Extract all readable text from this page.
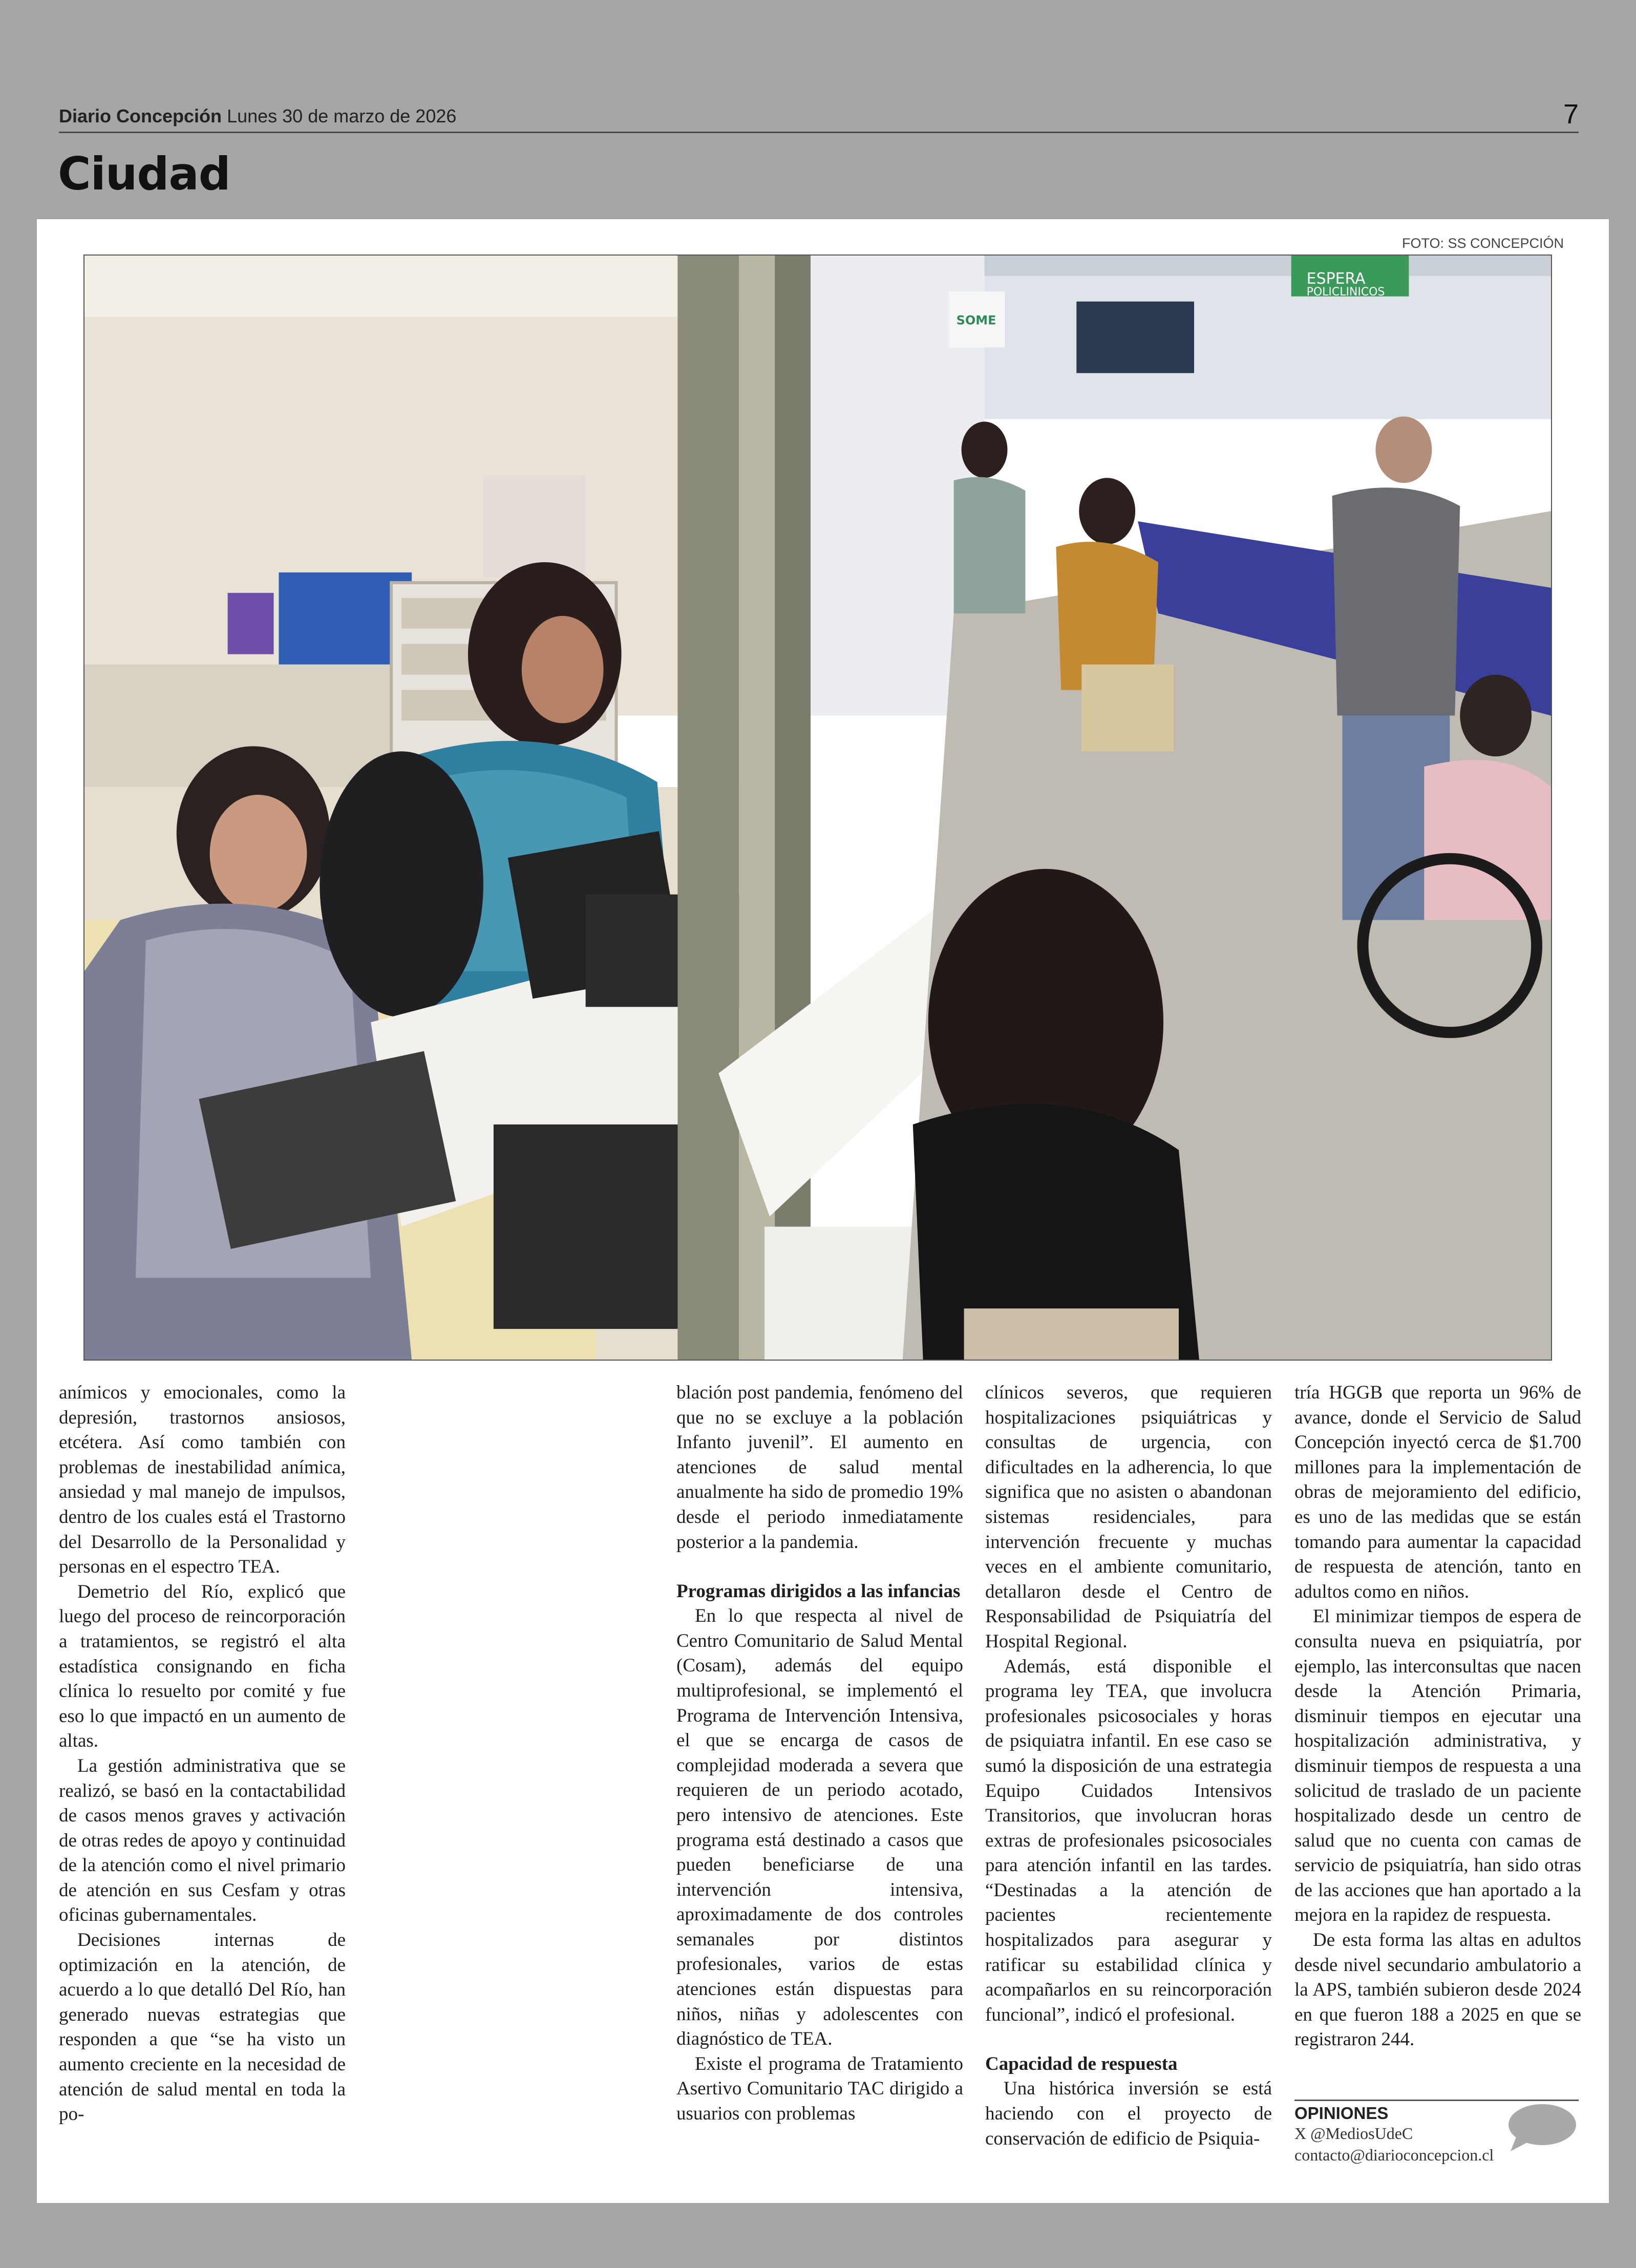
Diario Concepción Lunes 30 de marzo de 2026	7
Ciudad
FOTO: SS CONCEPCIÓN
ESPERA
POLICLINICOS
SOME

anímicos y emocionales, como la depresión, trastornos ansiosos, etcétera. Así como también con problemas de inestabilidad anímica, ansiedad y mal manejo de impulsos, dentro de los cuales está el Trastorno del Desarrollo de la Personalidad y personas en el espectro TEA.

Demetrio del Río, explicó que luego del proceso de reincorporación a tratamientos, se registró el alta estadística consignando en ficha clínica lo resuelto por comité y fue eso lo que impactó en un aumento de altas.

La gestión administrativa que se realizó, se basó en la contactabilidad de casos menos graves y activación de otras redes de apoyo y continuidad de la atención como el nivel primario de atención en sus Cesfam y otras oficinas gubernamentales.

Decisiones internas de optimización en la atención, de acuerdo a lo que detalló Del Río, han generado nuevas estrategias que responden a que “se ha visto un aumento creciente en la necesidad de atención de salud mental en toda la po-

blación post pandemia, fenómeno del que no se excluye a la población Infanto juvenil”. El aumento en atenciones de salud mental anualmente ha sido de promedio 19% desde el periodo inmediatamente posterior a la pandemia.

Programas dirigidos a las infancias

En lo que respecta al nivel de Centro Comunitario de Salud Mental (Cosam), además del equipo multiprofesional, se implementó el Programa de Intervención Intensiva, el que se encarga de casos de complejidad moderada a severa que requieren de un periodo acotado, pero intensivo de atenciones. Este programa está destinado a casos que pueden beneficiarse de una intervención intensiva, aproximadamente de dos controles semanales por distintos profesionales, varios de estas atenciones están dispuestas para niños, niñas y adolescentes con diagnóstico de TEA.

Existe el programa de Tratamiento Asertivo Comunitario TAC dirigido a usuarios con problemas

clínicos severos, que requieren hospitalizaciones psiquiátricas y consultas de urgencia, con dificultades en la adherencia, lo que significa que no asisten o abandonan sistemas residenciales, para intervención frecuente y muchas veces en el ambiente comunitario, detallaron desde el Centro de Responsabilidad de Psiquiatría del Hospital Regional.

Además, está disponible el programa ley TEA, que involucra profesionales psicosociales y horas de psiquiatra infantil. En ese caso se sumó la disposición de una estrategia Equipo Cuidados Intensivos Transitorios, que involucran horas extras de profesionales psicosociales para atención infantil en las tardes. “Destinadas a la atención de pacientes recientemente hospitalizados para asegurar y ratificar su estabilidad clínica y acompañarlos en su reincorporación funcional”, indicó el profesional.

Capacidad de respuesta

Una histórica inversión se está haciendo con el proyecto de conservación de edificio de Psiquia-

tría HGGB que reporta un 96% de avance, donde el Servicio de Salud Concepción inyectó cerca de $1.700 millones para la implementación de obras de mejoramiento del edificio, es uno de las medidas que se están tomando para aumentar la capacidad de respuesta de atención, tanto en adultos como en niños.

El minimizar tiempos de espera de consulta nueva en psiquiatría, por ejemplo, las interconsultas que nacen desde la Atención Primaria, disminuir tiempos en ejecutar una hospitalización administrativa, y disminuir tiempos de respuesta a una solicitud de traslado de un paciente hospitalizado desde un centro de salud que no cuenta con camas de servicio de psiquiatría, han sido otras de las acciones que han aportado a la mejora en la rapidez de respuesta.

De esta forma las altas en adultos desde nivel secundario ambulatorio a la APS, también subieron desde 2024 en que fueron 188 a 2025 en que se registraron 244.

OPINIONES
X @MediosUdeC
contacto@diarioconcepcion.cl
